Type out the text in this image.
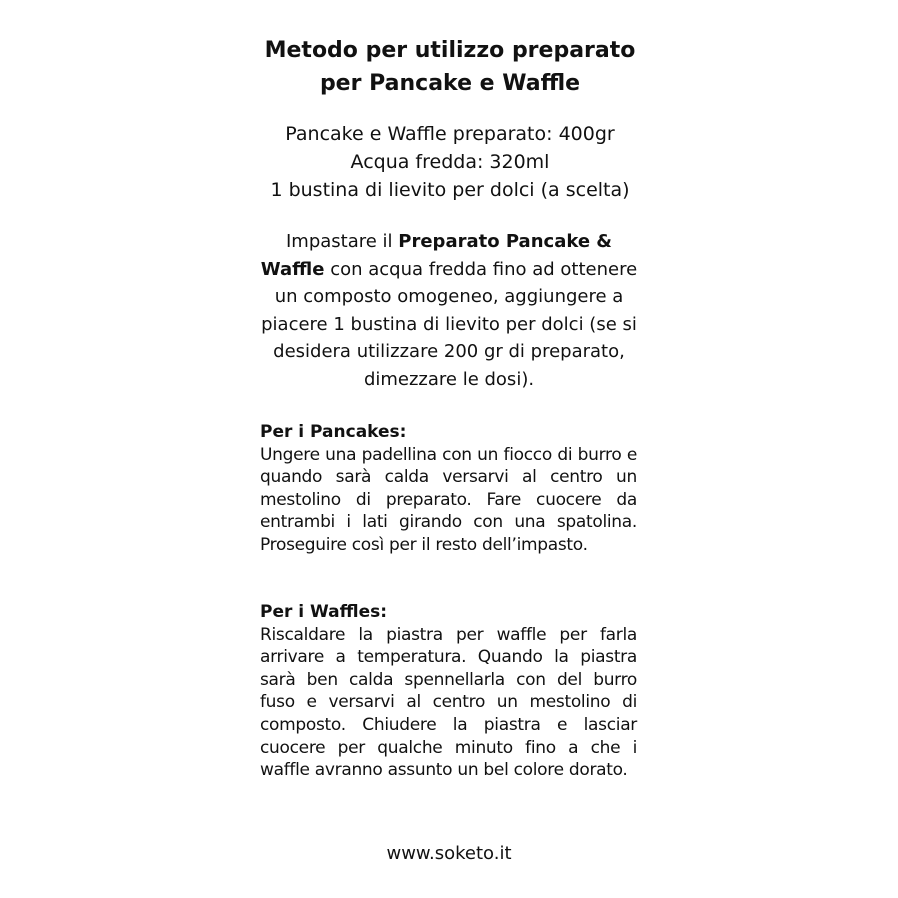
Metodo per utilizzo preparato
per Pancake e Waffle
Pancake e Waffle preparato: 400gr
Acqua fredda: 320ml
1 bustina di lievito per dolci (a scelta)

Impastare il Preparato Pancake & Waffle con acqua fredda fino ad ottenere un composto omogeneo, aggiungere a piacere 1 bustina di lievito per dolci (se si desidera utilizzare 200 gr di preparato, dimezzare le dosi).

Per i Pancakes:
Ungere una padellina con un fiocco di burro e quando sarà calda versarvi al centro un mestolino di preparato. Fare cuocere da entrambi i lati girando con una spatolina. Proseguire così per il resto dell’impasto.
Per i Waffles:
Riscaldare la piastra per waffle per farla arrivare a temperatura. Quando la piastra sarà ben calda spennellarla con del burro fuso e versarvi al centro un mestolino di composto. Chiudere la piastra e lasciar cuocere per qualche minuto fino a che i waffle avranno assunto un bel colore dorato.
www.soketo.it
